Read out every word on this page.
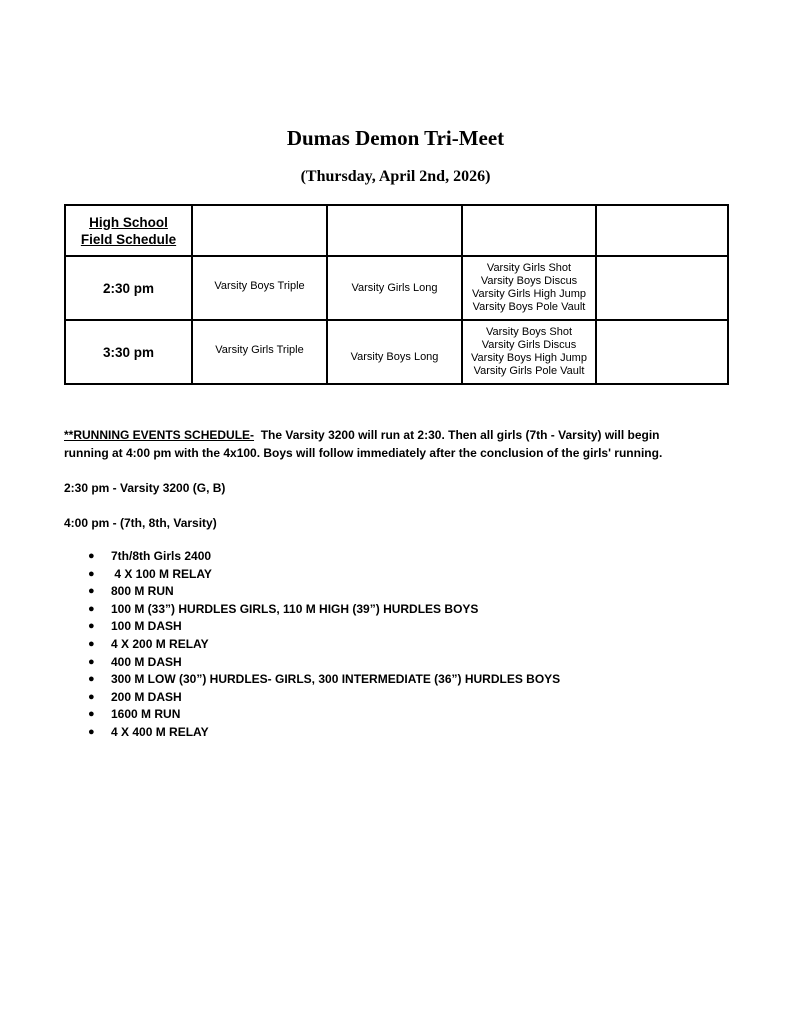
Dumas Demon Tri-Meet
(Thursday, April 2nd, 2026)
High School
Field Schedule				

2:30 pm	Varsity Boys Triple	Varsity Girls Long	Varsity Girls Shot
Varsity Boys Discus
Varsity Girls High Jump
Varsity Boys Pole Vault	

3:30 pm	Varsity Girls Triple	Varsity Boys Long	Varsity Boys Shot
Varsity Girls Discus
Varsity Boys High Jump
Varsity Girls Pole Vault	

**RUNNING EVENTS SCHEDULE- The Varsity 3200 will run at 2:30. Then all girls (7th - Varsity) will begin
running at 4:00 pm with the 4x100. Boys will follow immediately after the conclusion of the girls' running.
2:30 pm - Varsity 3200 (G, B)
4:00 pm - (7th, 8th, Varsity)
● 7th/8th Girls 2400
● 4 X 100 M RELAY
● 800 M RUN
● 100 M (33”) HURDLES GIRLS, 110 M HIGH (39”) HURDLES BOYS
● 100 M DASH
● 4 X 200 M RELAY
● 400 M DASH
● 300 M LOW (30”) HURDLES- GIRLS, 300 INTERMEDIATE (36”) HURDLES BOYS
● 200 M DASH
● 1600 M RUN
● 4 X 400 M RELAY
